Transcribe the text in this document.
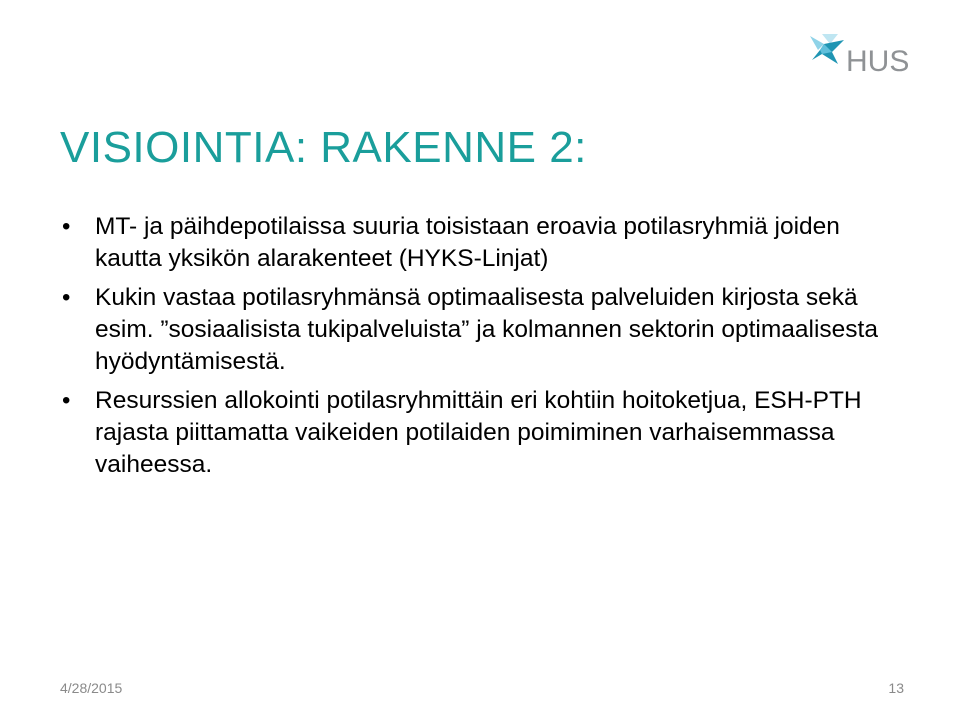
HUS
VISIOINTIA: RAKENNE 2:
• MT- ja päihdepotilaissa suuria toisistaan eroavia potilasryhmiä joiden kautta yksikön alarakenteet (HYKS-Linjat)
• Kukin vastaa potilasryhmänsä optimaalisesta palveluiden kirjosta sekä esim. ”sosiaalisista tukipalveluista” ja kolmannen sektorin optimaalisesta hyödyntämisestä.
• Resurssien allokointi potilasryhmittäin eri kohtiin hoitoketjua, ESH-PTH rajasta piittamatta vaikeiden potilaiden poimiminen varhaisemmassa vaiheessa.
4/28/2015	13
